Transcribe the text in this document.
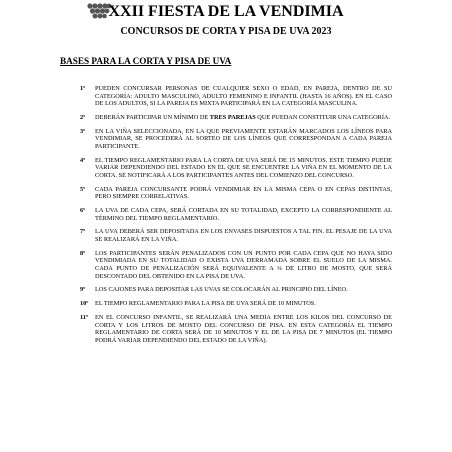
XXII FIESTA DE LA VENDIMIA
CONCURSOS DE CORTA Y PISA DE UVA 2023
BASES PARA LA CORTA Y PISA DE UVA
1º	PUEDEN CONCURSAR PERSONAS DE CUALQUIER SEXO O EDAD, EN PAREJA, DENTRO DE SU CATEGORÍA: ADULTO MASCULINO, ADULTO FEMENINO E INFANTIL (HASTA 16 AÑOS). EN EL CASO DE LOS ADULTOS, SI LA PAREJA ES MIXTA PARTICIPARÁ EN LA CATEGORÍA MASCULINA.
2º	DEBERÁN PARTICIPAR UN MÍNIMO DE TRES PAREJAS QUE PUEDAN CONSTITUIR UNA CATEGORÍA.
3º	EN LA VIÑA SELECCIONADA, EN LA QUE PREVIAMENTE ESTARÁN MARCADOS LOS LÍNEOS PARA VENDIMIAR, SE PROCEDERÁ AL SORTEO DE LOS LÍNEOS QUE CORRESPONDAN A CADA PAREJA PARTICIPANTE.
4º	EL TIEMPO REGLAMENTARIO PARA LA CORTA DE UVA SERÁ DE 15 MINUTOS. ESTE TIEMPO PUEDE VARIAR DEPENDIENDO DEL ESTADO EN EL QUE SE ENCUENTRE LA VIÑA EN EL MOMENTO DE LA CORTA. SE NOTIFICARÁ A LOS PARTICIPANTES ANTES DEL COMIENZO DEL CONCURSO.
5º	CADA PAREJA CONCURSANTE PODRÁ VENDIMIAR EN LA MISMA CEPA O EN CEPAS DISTINTAS, PERO SIEMPRE CORRELATIVAS.
6º	LA UVA DE CADA CEPA, SERÁ CORTADA EN SU TOTALIDAD, EXCEPTO LA CORRESPONDIENTE AL TÉRMINO DEL TIEMPO REGLAMENTARIO.
7º	LA UVA DEBERÁ SER DEPOSITADA EN LOS ENVASES DISPUESTOS A TAL FIN. EL PESAJE DE LA UVA SE REALIZARÁ EN LA VIÑA.
8º	LOS PARTICIPANTES SERÁN PENALIZADOS CON UN PUNTO POR CADA CEPA QUE NO HAYA SIDO VENDIMIADA EN SU TOTALIDAD O EXISTA UVA DERRAMADA SOBRE EL SUELO DE LA MISMA. CADA PUNTO DE PENALIZACIÓN SERÁ EQUIVALENTE A ¼ DE LITRO DE MOSTO, QUE SERÁ DESCONTADO DEL OBTENIDO EN LA PISA DE UVA.
9º	LOS CAJONES PARA DEPOSITAR LAS UVAS SE COLOCARÁN AL PRINCIPIO DEL LÍNEO.
10º	EL TIEMPO REGLAMENTARIO PARA LA PISA DE UVA SERÁ DE 10 MINUTOS.
11º	EN EL CONCURSO INFANTIL, SE REALIZARÁ UNA MEDIA ENTRE LOS KILOS DEL CONCURSO DE CORTA Y LOS LITROS DE MOSTO DEL CONCURSO DE PISA. EN ESTA CATEGORÍA EL TIEMPO REGLAMENTARIO DE CORTA SERÁ DE 10 MINUTOS Y EL DE LA PISA DE 7 MINUTOS (EL TIEMPO PODRÁ VARIAR DEPENDIENDO DEL ESTADO DE LA VIÑA).
